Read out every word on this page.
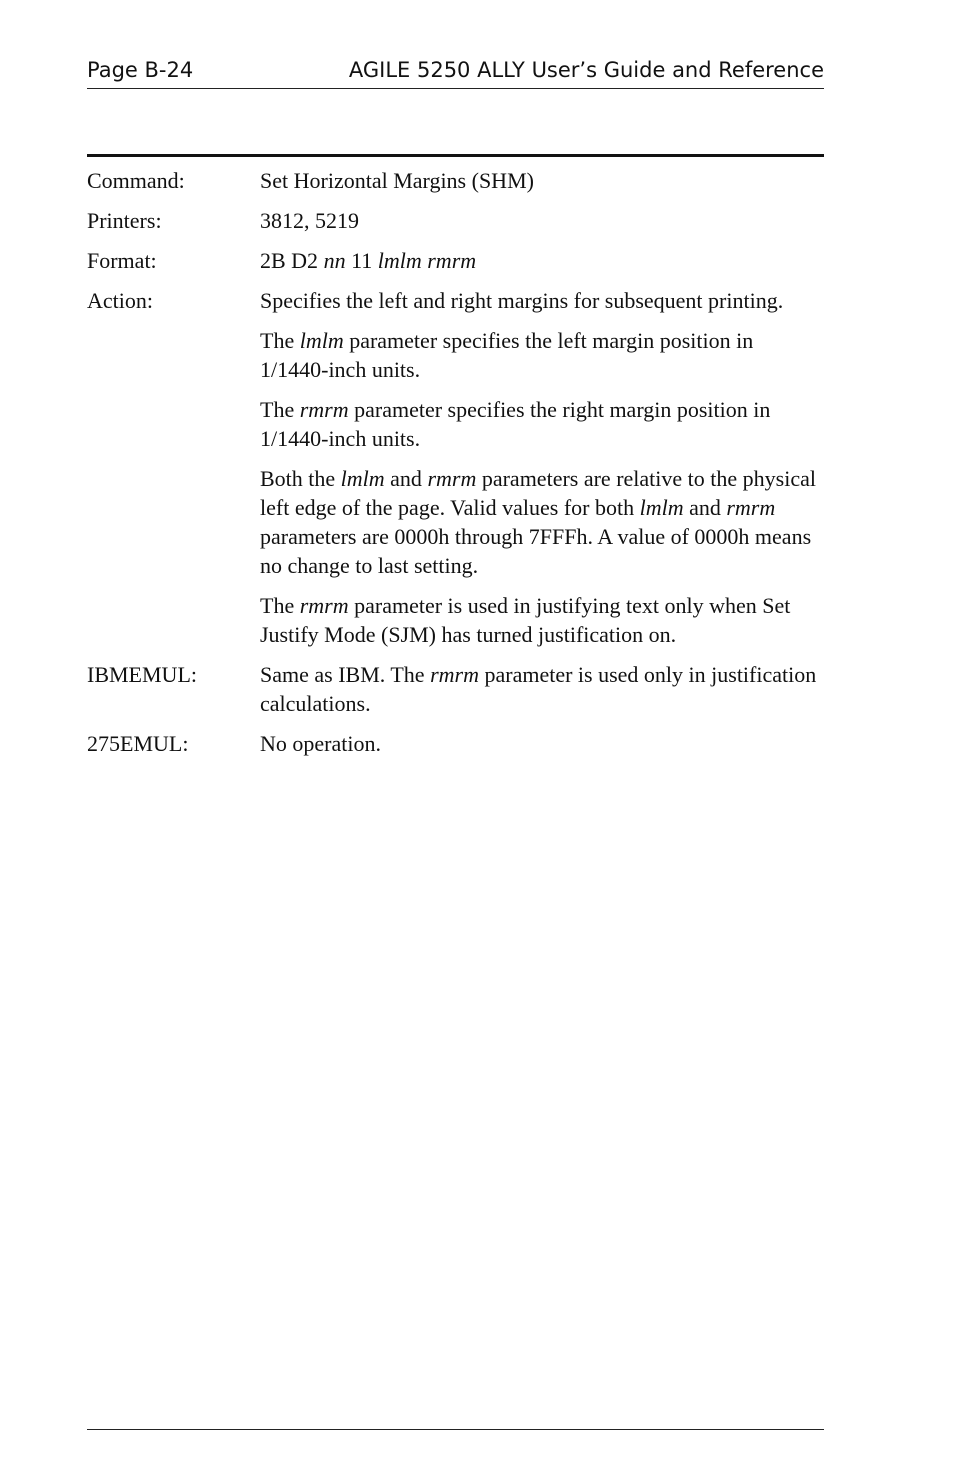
Page B-24	AGILE 5250 ALLY User’s Guide and Reference
Command:	Set Horizontal Margins (SHM)
Printers:	3812, 5219
Format:	2B D2 nn 11 lmlm rmrm
Action:	Specifies the left and right margins for subsequent printing.

The lmlm parameter specifies the left margin position in 1/1440-inch units.

The rmrm parameter specifies the right margin position in 1/1440-inch units.

Both the lmlm and rmrm parameters are relative to the physical left edge of the page. Valid values for both lmlm and rmrm parameters are 0000h through 7FFFh. A value of 0000h means no change to last setting.

The rmrm parameter is used in justifying text only when Set Justify Mode (SJM) has turned justification on.

IBMEMUL:	Same as IBM. The rmrm parameter is used only in justification calculations.
275EMUL:	No operation.
